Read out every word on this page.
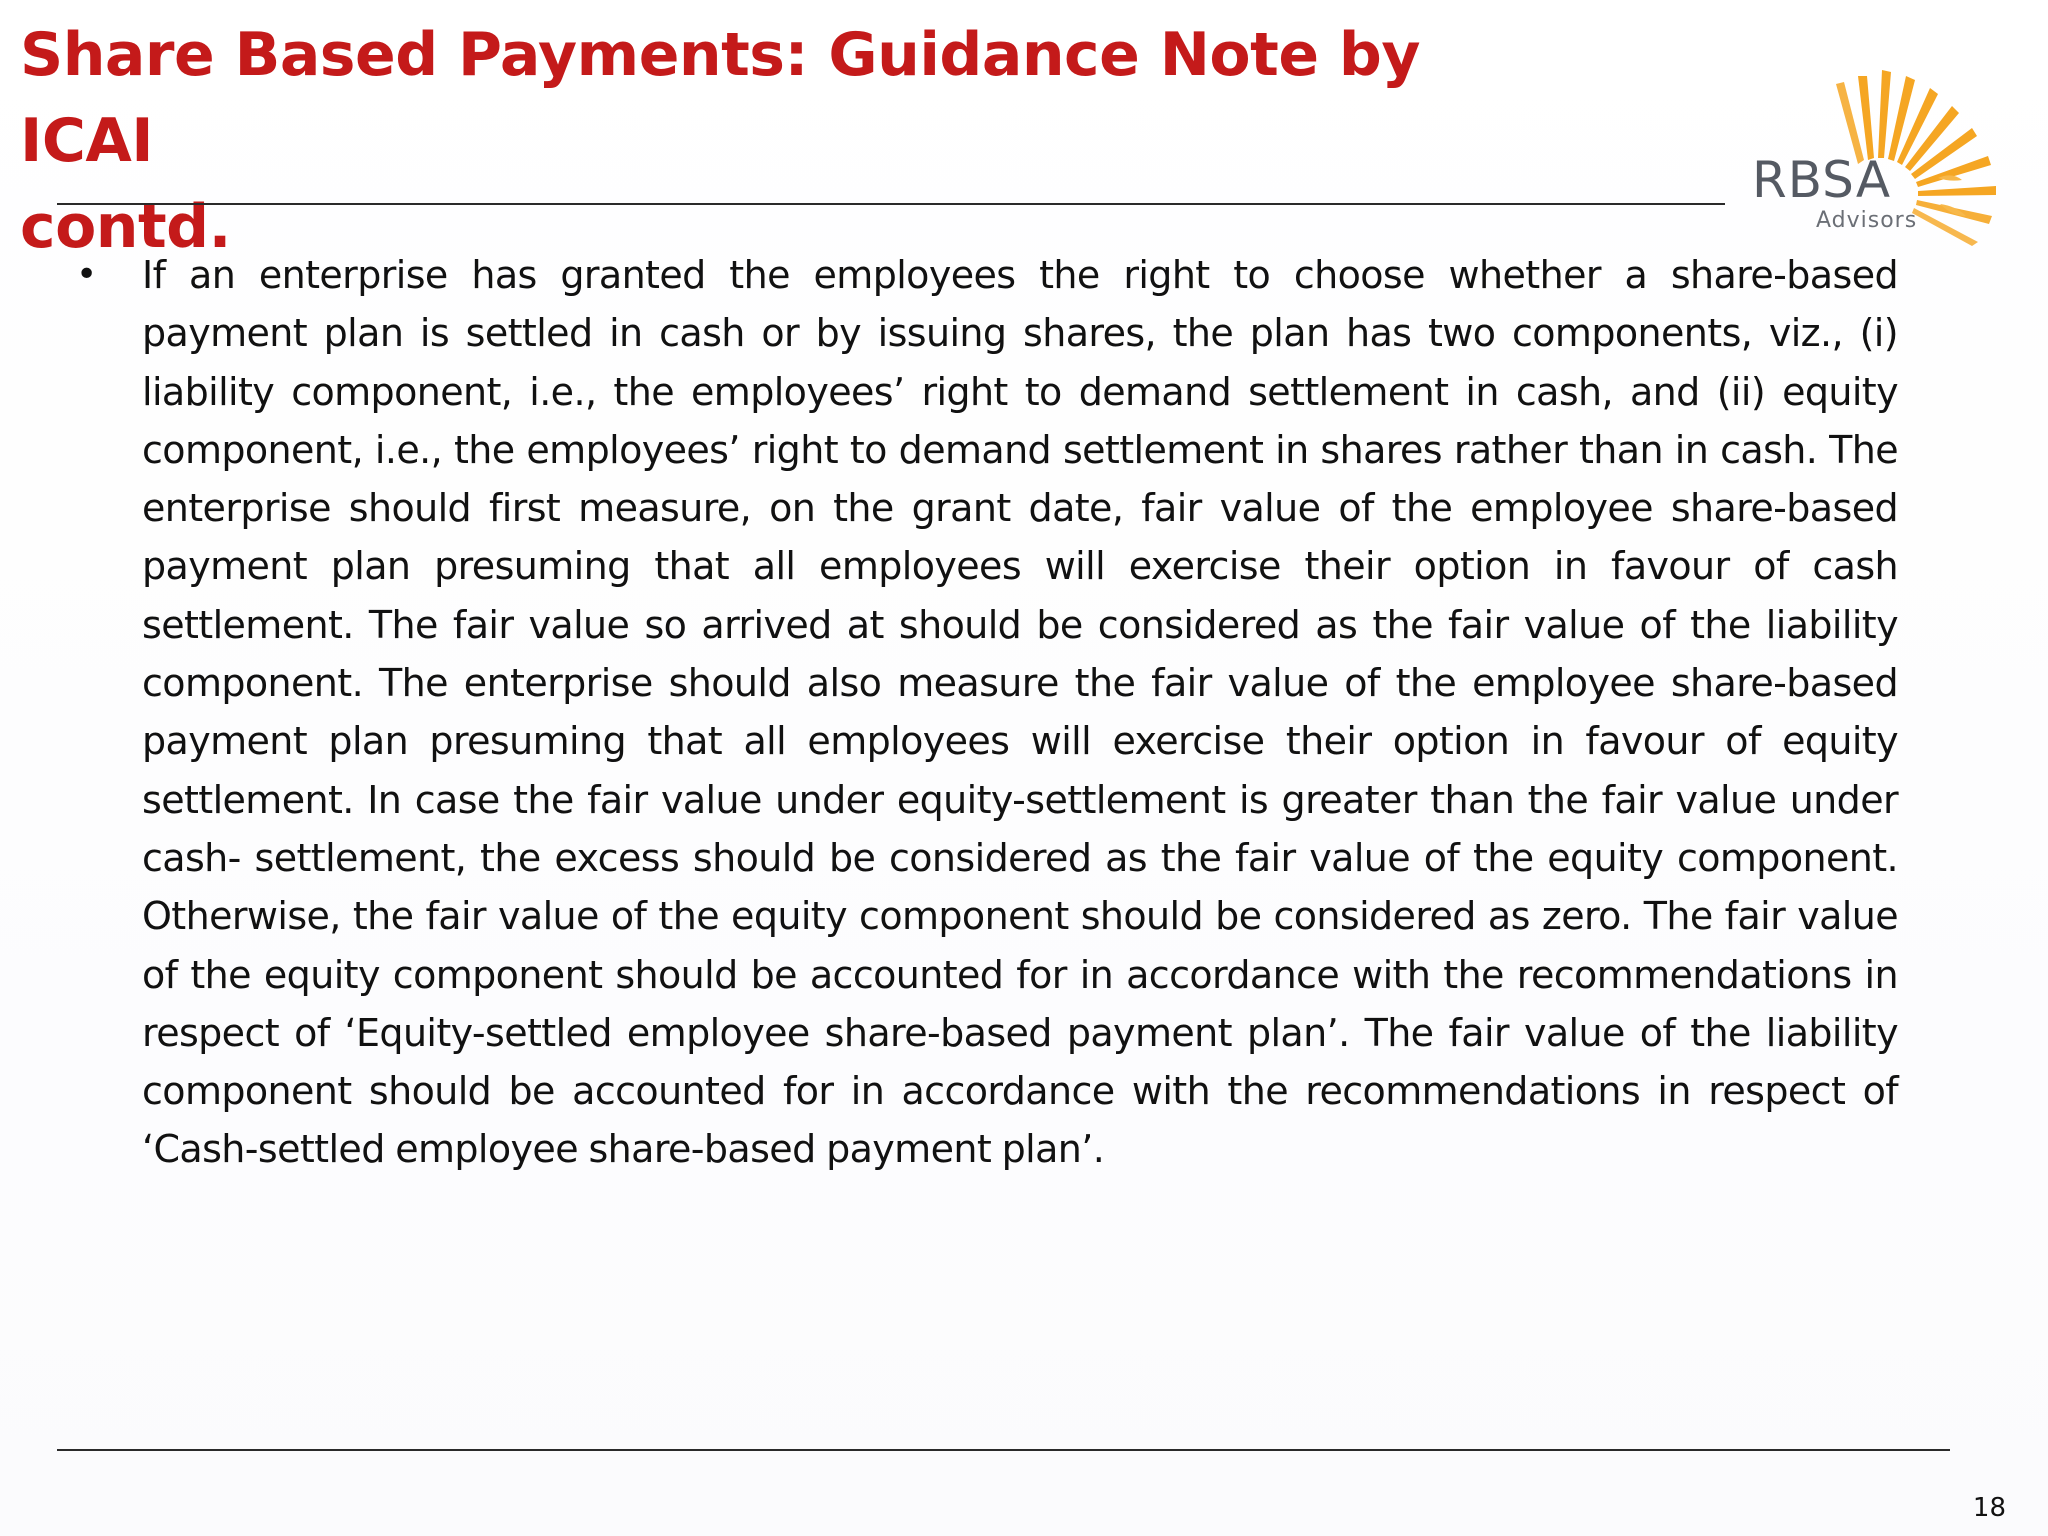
Share Based Payments: Guidance Note by ICAI
contd.

RBSA

Advisors

• If an enterprise has granted the employees the right to choose whether a share-based payment plan is settled in cash or by issuing shares, the plan has two components, viz., (i) liability component, i.e., the employees’ right to demand settlement in cash, and (ii) equity component, i.e., the employees’ right to demand settlement in shares rather than in cash. The enterprise should first measure, on the grant date, fair value of the employee share-based payment plan presuming that all employees will exercise their option in favour of cash settlement. The fair value so arrived at should be considered as the fair value of the liability component. The enterprise should also measure the fair value of the employee share-based payment plan presuming that all employees will exercise their option in favour of equity settlement. In case the fair value under equity-settlement is greater than the fair value under cash- settlement, the excess should be considered as the fair value of the equity component. Otherwise, the fair value of the equity component should be considered as zero. The fair value of the equity component should be accounted for in accordance with the recommendations in respect of ‘Equity-settled employee share-based payment plan’. The fair value of the liability component should be accounted for in accordance with the recommendations in respect of ‘Cash-settled employee share-based payment plan’.

18
